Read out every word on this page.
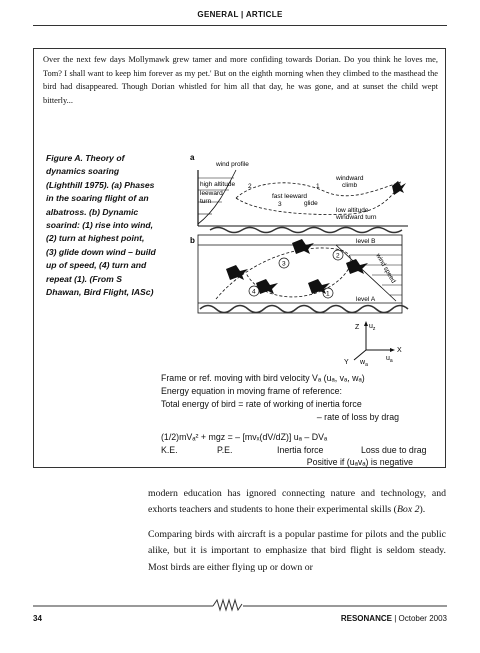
GENERAL | ARTICLE
Over the next few days Mollymawk grew tamer and more confiding towards Dorian. Do you think he loves me, Tom? I shall want to keep him forever as my pet.' But on the eighth morning when they climbed to the masthead the bird had disappeared. Though Dorian whistled for him all that day, he was gone, and at sunset the child wept bitterly...
Figure A. Theory of dynamics soaring (Lighthill 1975). (a) Phases in the soaring flight of an albatross. (b) Dynamic soarind: (1) rise into wind, (2) turn at highest point, (3) glide down wind – build up of speed, (4) turn and repeat (1). (From S Dhawan, Bird Flight, IASc)
a
wind profile
high altitude
leeward
turn
2	1
3
windward
climb
fast leeward
glide
low altitude
windward turn
b
wind speed
level B
level A
1
2
3
4
Z $u_z$
X
$u_a$
Y $w_a$
Frame or ref. moving with bird velocity Vₐ (uₐ, vₐ, wₐ)
Energy equation in moving frame of reference:
Total energy of bird = rate of working of inertia force
– rate of loss by drag
(1/2)mVₐ² + mgz = – [mvₓ(dV/dZ)] uₐ – DVₐ
K.E.	P.E.	Inertia force	Loss due to drag
Positive if (uₐvₐ) is negative

modern education has ignored connecting nature and technology, and exhorts teachers and students to hone their experimental skills (Box 2).

Comparing birds with aircraft is a popular pastime for pilots and the public alike, but it is important to emphasize that bird flight is seldom steady. Most birds are either flying up or down or

34	RESONANCE | October 2003
